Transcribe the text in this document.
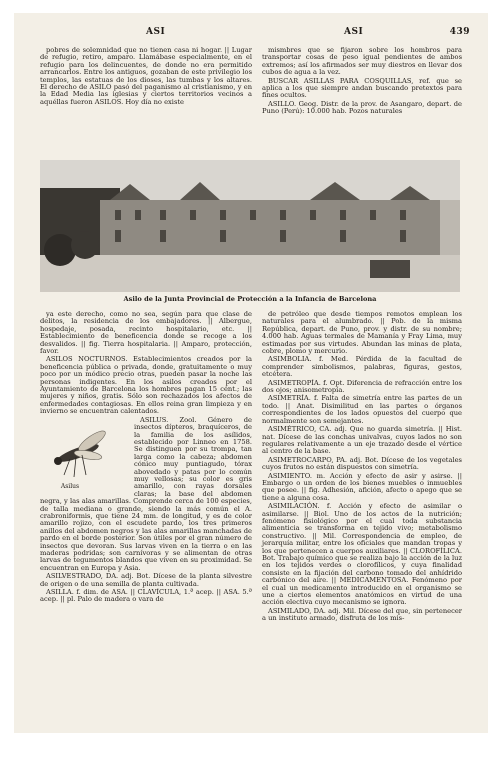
ASI	ASI	439

pobres de solemnidad que no tienen casa ni hogar. || Lugar de refugio, retiro, amparo. Llamábase especialmente, en el refugio para los delincuentes, de donde no era permitido arrancarlos. Entre los antiguos, gozaban de este privilegio los templos, las estatuas de los dioses, las tumbas y los altares. El derecho de ASILO pasó del paganismo al cristianismo, y en la Edad Media las iglesias y ciertos territorios vecinos a aquéllas fueron ASILOS. Hoy día no existe

mismbres que se fijaron sobre los hombros para transportar cosas de peso igual pendientes de ambos extremos; así los afirmados ser muy diestros en llevar dos cubos de agua a la vez.

BUSCAR ASILLAS PARA COSQUILLAS, ref. que se aplica a los que siempre andan buscando pretextos para fines ocultos.

ASILLO. Geog. Distr. de la prov. de Asangaro, depart. de Puno (Perú): 10.000 hab. Pozos naturales

Asilo de la Junta Provincial de Protección a la Infancia de Barcelona

ya este derecho, como no sea, según para que clase de delitos, la residencia de los embajadores. || Albergue, hospedaje, posada, recinto hospitalario, etc. || Establecimiento de beneficencia donde se recoge a los desvalidos. || fig. Tierra hospitalaria. || Amparo, protección, favor.

ASILOS NOCTURNOS. Establecimientos creados por la beneficencia pública o privada, donde, gratuitamente o muy poco por un módico precio otras, pueden pasar la noche las personas indigentes. En los asilos creados por el Ayuntamiento de Barcelona los hombres pagan 15 cént.; las mujeres y niños, gratis. Sólo son rechazados los afectos de enfermedades contagiosas. En ellos reina gran limpieza y en invierno se encuentran calentados.

Asilus

ASILUS. Zool. Género de insectos dípteros, braquíceros, de la familia de los asílidos, establecido por Linneo en 1758. Se distinguen por su trompa, tan larga como la cabeza; abdomen cónico muy puntiagudo, tórax abovedado y patas por lo común muy vellosas; su color es gris amarillo, con rayas dorsales claras; la base del abdomen negra, y las alas amarillas. Comprende cerca de 100 especies, de talla mediana o grande, siendo la más común el A. crabroniformis, que tiene 24 mm. de longitud, y es de color amarillo rojizo, con el escudete pardo, los tres primeros anillos del abdomen negros y las alas amarillas manchadas de pardo en el borde posterior. Son útiles por el gran número de insectos que devoran. Sus larvas viven en la tierra o en las maderas podridas; son carnívoras y se alimentan de otras larvas de tegumentos blandos que viven en su proximidad. Se encuentran en Europa y Asia.

ASILVESTRADO, DA. adj. Bot. Dícese de la planta silvestre de origen o de una semilla de planta cultivada.

ASILLA. f. dim. de ASA. || CLAVÍCULA, 1.ª acep. || ASA. 5.ª acep. || pl. Palo de madera o vara de

de petróleo que desde tiempos remotos emplean los naturales para el alumbrado. || Pob. de la misma República, depart. de Puno, prov. y distr. de su nombre; 4.000 hab. Aguas termales de Mamanía y Fray Lima, muy estimadas por sus virtudes. Abundan las minas de plata, cobre, plomo y mercurio.

ASIMBOLIA. f. Med. Pérdida de la facultad de comprender simbolismos, palabras, figuras, gestos, etcétera.

ASIMETROPÍA. f. Opt. Diferencia de refracción entre los dos ojos; anisometropía.

ASIMETRÍA. f. Falta de simetría entre las partes de un todo. || Anat. Disimilitud en las partes o órganos correspondientes de los lados opuestos del cuerpo que normalmente son semejantes.

ASIMÉTRICO, CA. adj. Que no guarda simetría. || Hist. nat. Dícese de las conchas univalvas, cuyos lados no son regulares relativamente a un eje trazado desde el vértice al centro de la base.

ASIMETROCARPO, PA. adj. Bot. Dícese de los vegetales cuyos frutos no están dispuestos con simetría.

ASIMIENTO. m. Acción y efecto de asir y asirse. || Embargo o un orden de los bienes muebles o inmuebles que posee. || fig. Adhesión, afición, afecto o apego que se tiene a alguna cosa.

ASIMILACIÓN. f. Acción y efecto de asimilar o asimilarse. || Biol. Uno de los actos de la nutrición; fenómeno fisiológico por el cual toda substancia alimenticia se transforma en tejido vivo; metabolismo constructivo. || Mil. Correspondencia de empleo, de jerarquía militar, entre los oficiales que mandan tropas y los que pertenecen a cuerpos auxiliares. || CLOROFÍLICA. Bot. Trabajo químico que se realiza bajo la acción de la luz en los tejidos verdes o clorofílicos, y cuya finalidad consiste en la fijación del carbono tomado del anhídrido carbónico del aire. || MEDICAMENTOSA. Fenómeno por el cual un medicamento introducido en el organismo se une a ciertos elementos anatómicos en virtud de una acción electiva cuyo mecanismo se ignora.

ASIMILADO, DA. adj. Mil. Dícese del que, sin pertenecer a un instituto armado, disfruta de los mis-
